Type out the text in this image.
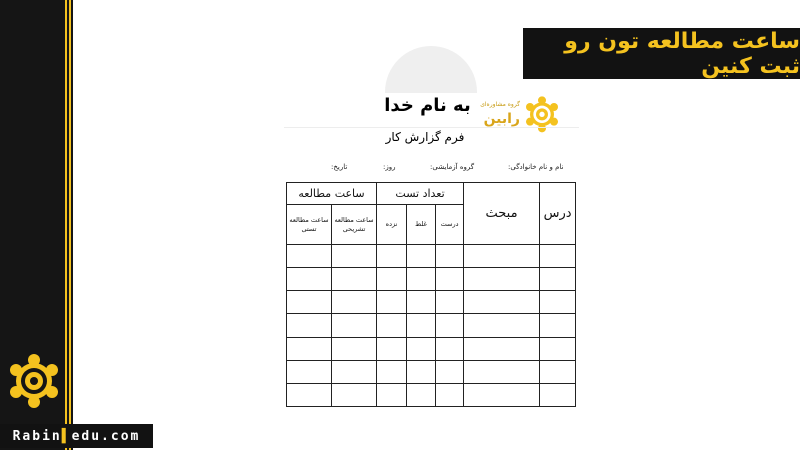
Rabin ▌ edu.com
ساعت مطالعه تون رو ثبت کنین
به نام خدا
فرم گزارش کار
گروه مشاوره‌ای
رابین
نام و نام خانوادگی:
گروه آزمایشی:
روز:
تاریخ:
درس	مبحث	تعداد تست			ساعت مطالعه	
		درست	غلط	نزده	ساعت مطالعه تشریحی	ساعت مطالعه تستی
